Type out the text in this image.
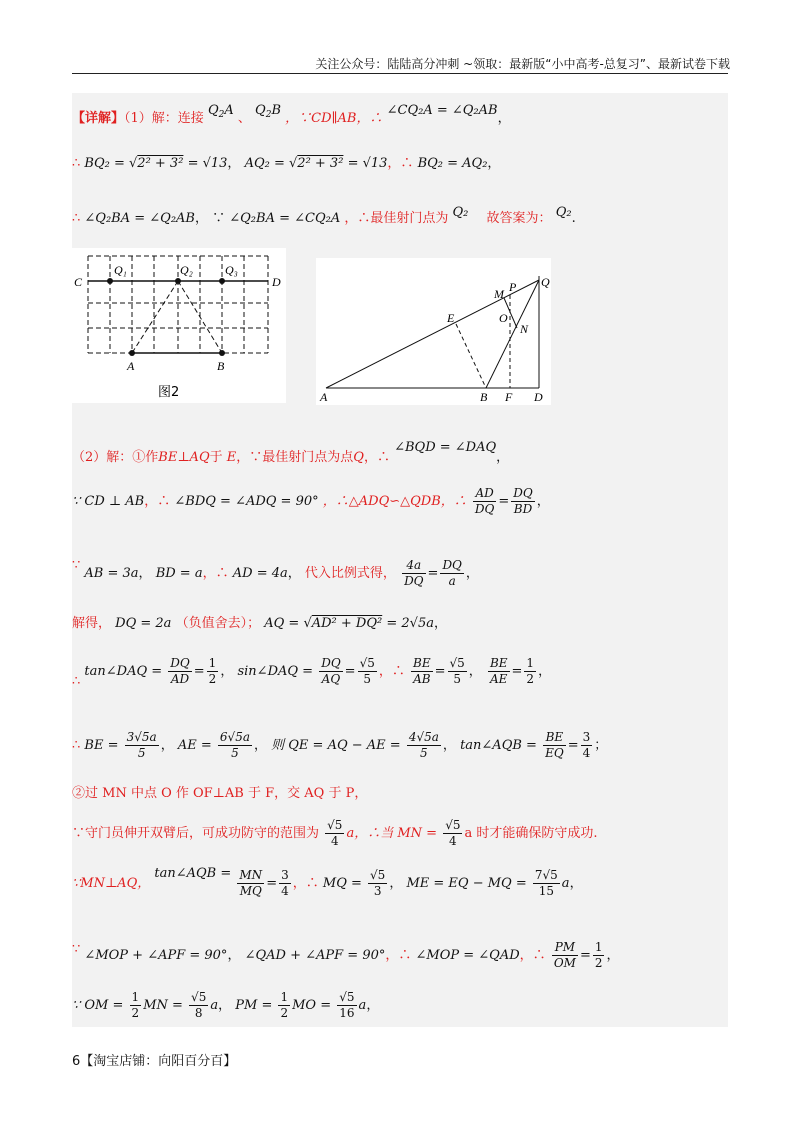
关注公众号：陆陆高分冲刺 ~领取：最新版“小中高考-总复习”、最新试卷下载
【详解】（1）解：连接 $Q_2A$ 、 $Q_2B$ ，∵CD∥AB，∴ ∠CQ₂A = ∠Q₂AB，
∴ BQ₂ = √2² + 3² = √13， AQ₂ = √2² + 3² = √13，∴ BQ₂ = AQ₂，
∴ ∠Q₂BA = ∠Q₂AB， ∵ ∠Q₂BA = ∠CQ₂A ，∴最佳射门点为 Q₂ 故答案为： Q₂.
C	D
Q₁	Q₂	Q₃
A	B
图2
Q
P
M
O
N
E
A	B F D
（2）解：①作BE⊥AQ于 E，∵最佳射门点为点Q，∴ ∠BQD = ∠DAQ，
∵ CD ⊥ AB，∴ ∠BDQ = ∠ADQ = 90° ，∴△ADQ∽△QDB，∴ $\frac{AD}{DQ} = \frac{DQ}{BD}$ ，
∵ AB = 3a， BD = a，∴ AD = 4a， 代入比例式得， $\frac{4a}{DQ} = \frac{DQ}{a}$ ，
解得， DQ = 2a （负值舍去）； AQ = √AD² + DQ² = 2√5a，
∴ tan∠DAQ = $\frac{DQ}{AD} = \frac{1}{2}$ ， sin∠DAQ = $\frac{DQ}{AQ} = \frac{√5}{5}$ ，∴ $\frac{BE}{AB} = \frac{√5}{5}$ ， $\frac{BE}{AE} = \frac{1}{2}$ ，
∴ BE = $\frac{3√5a}{5}$ ， AE = $\frac{6√5a}{5}$ ， 则 QE = AQ − AE = $\frac{4√5a}{5}$ ， tan∠AQB = $\frac{BE}{EQ} = \frac{3}{4}$ ；
②过 MN 中点 O 作 OF⊥AB 于 F，交 AQ 于 P，
∵守门员伸开双臂后，可成功防守的范围为 $\frac{√5}{4}$ a，∴当 MN = $\frac{√5}{4}$ a 时才能确保防守成功.
∵MN⊥AQ， tan∠AQB = $\frac{MN}{MQ} = \frac{3}{4}$ ，∴ MQ = $\frac{√5}{3}$ ， ME = EQ − MQ = $\frac{7√5}{15}$ a，
∵ ∠MOP + ∠APF = 90°， ∠QAD + ∠APF = 90°，∴ ∠MOP = ∠QAD，∴ $\frac{PM}{OM} = \frac{1}{2}$ ，
∵ OM = $\frac{1}{2}$ MN = $\frac{√5}{8}$ a， PM = $\frac{1}{2}$ MO = $\frac{√5}{16}$ a，
6【淘宝店铺：向阳百分百】
